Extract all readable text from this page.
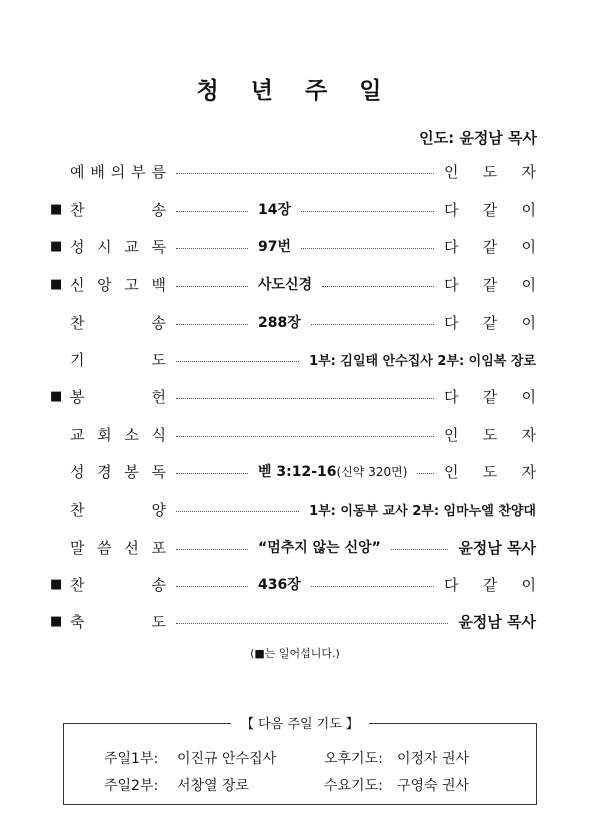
청 년 주 일
인도: 윤정남 목사
예 배 의 부 름	인 도 자
■ 찬	송	14장	다 같 이
■ 성 시 교 독	97번	다 같 이
■ 신 앙 고 백	사도신경	다 같 이
찬	송	288장	다 같 이
기	도	1부: 김일태 안수집사 2부: 이임복 장로
■ 봉	헌	다 같 이
교 회 소 식	인 도 자
성 경 봉 독	벧 3:12-16(신약 320면) 인 도 자
찬	양	1부: 이동부 교사 2부: 임마누엘 찬양대
말 씀 선 포	“멈추지 않는 신앙”	윤정남 목사
■ 찬	송	436장	다 같 이
■ 축	도	윤정남 목사
(■는 일어섭니다.)
【 다음 주일 기도 】
주일1부:	이진규 안수집사	오후기도:	이정자 권사
주일2부:	서창열 장로	수요기도:	구영숙 권사
